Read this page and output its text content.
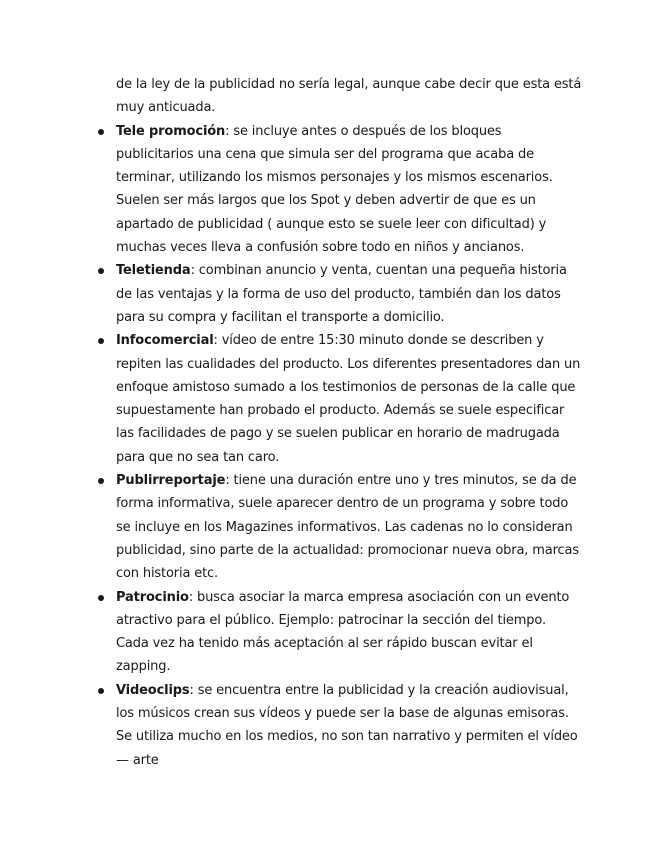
de la ley de la publicidad no sería legal, aunque cabe decir que esta está muy anticuada.

Tele promoción: se incluye antes o después de los bloques publicitarios una cena que simula ser del programa que acaba de terminar, utilizando los mismos personajes y los mismos escenarios. Suelen ser más largos que los Spot y deben advertir de que es un apartado de publicidad ( aunque esto se suele leer con dificultad) y muchas veces lleva a confusión sobre todo en niños y ancianos.
Teletienda: combinan anuncio y venta, cuentan una pequeña historia de las ventajas y la forma de uso del producto, también dan los datos para su compra y facilitan el transporte a domicilio.
Infocomercial: vídeo de entre 15:30 minuto donde se describen y repiten las cualidades del producto. Los diferentes presentadores dan un enfoque amistoso sumado a los testimonios de personas de la calle que supuestamente han probado el producto. Además se suele especificar las facilidades de pago y se suelen publicar en horario de madrugada para que no sea tan caro.
Publirreportaje: tiene una duración entre uno y tres minutos, se da de forma informativa, suele aparecer dentro de un programa y sobre todo se incluye en los Magazines informativos. Las cadenas no lo consideran publicidad, sino parte de la actualidad: promocionar nueva obra, marcas con historia etc.
Patrocinio: busca asociar la marca empresa asociación con un evento atractivo para el público. Ejemplo: patrocinar la sección del tiempo. Cada vez ha tenido más aceptación al ser rápido buscan evitar el zapping.
Videoclips: se encuentra entre la publicidad y la creación audiovisual, los músicos crean sus vídeos y puede ser la base de algunas emisoras. Se utiliza mucho en los medios, no son tan narrativo y permiten el vídeo — arte
